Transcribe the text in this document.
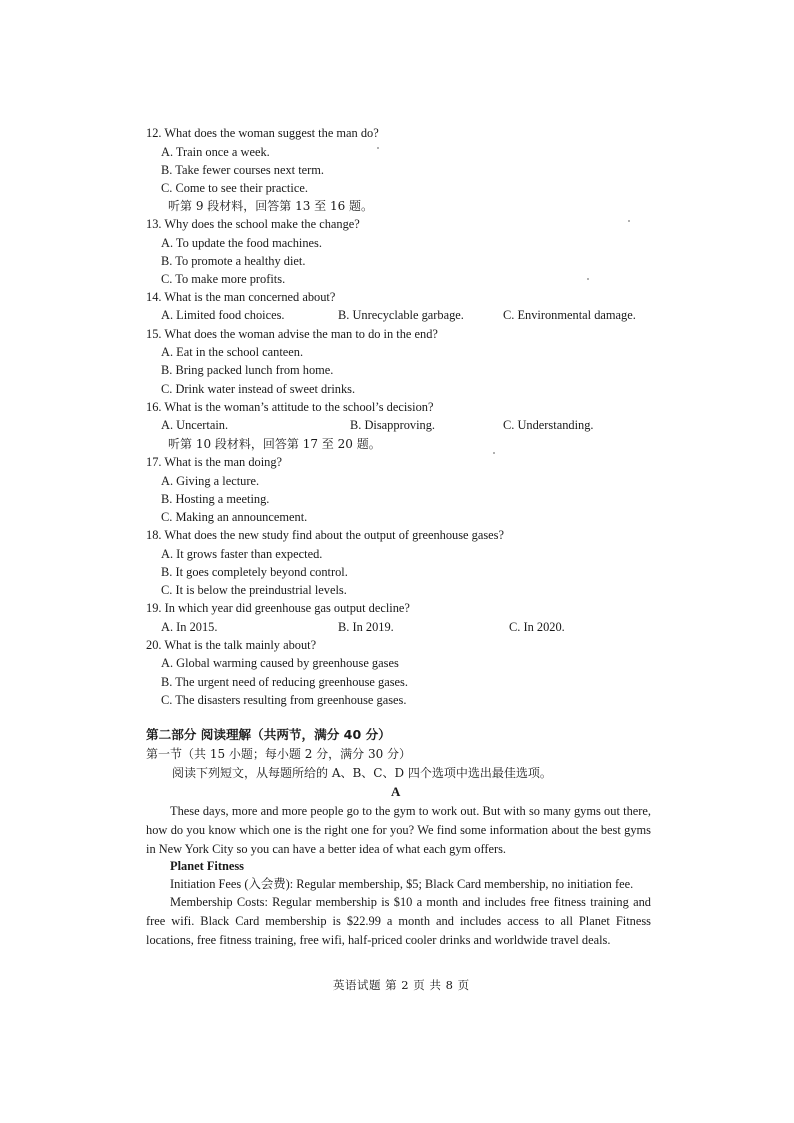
12. What does the woman suggest the man do?
A. Train once a week.
B. Take fewer courses next term.
C. Come to see their practice.
听第 9 段材料，回答第 13 至 16 题。
13. Why does the school make the change?
A. To update the food machines.
B. To promote a healthy diet.
C. To make more profits.
14. What is the man concerned about?
A. Limited food choices.	B. Unrecyclable garbage.	C. Environmental damage.
15. What does the woman advise the man to do in the end?
A. Eat in the school canteen.
B. Bring packed lunch from home.
C. Drink water instead of sweet drinks.
16. What is the woman’s attitude to the school’s decision?
A. Uncertain.	B. Disapproving.	C. Understanding.
听第 10 段材料，回答第 17 至 20 题。
17. What is the man doing?
A. Giving a lecture.
B. Hosting a meeting.
C. Making an announcement.
18. What does the new study find about the output of greenhouse gases?
A. It grows faster than expected.
B. It goes completely beyond control.
C. It is below the preindustrial levels.
19. In which year did greenhouse gas output decline?
A. In 2015.	B. In 2019.	C. In 2020.
20. What is the talk mainly about?
A. Global warming caused by greenhouse gases
B. The urgent need of reducing greenhouse gases.
C. The disasters resulting from greenhouse gases.
第二部分 阅读理解（共两节，满分 40 分）
第一节（共 15 小题；每小题 2 分，满分 30 分）
阅读下列短文，从每题所给的 A、B、C、D 四个选项中选出最佳选项。
A
These days, more and more people go to the gym to work out. But with so many gyms out there, how do you know which one is the right one for you? We find some information about the best gyms in New York City so you can have a better idea of what each gym offers.
Planet Fitness
Initiation Fees (入会费): Regular membership, $5; Black Card membership, no initiation fee.
Membership Costs: Regular membership is $10 a month and includes free fitness training and free wifi. Black Card membership is $22.99 a month and includes access to all Planet Fitness locations, free fitness training, free wifi, half-priced cooler drinks and worldwide travel deals.
英语试题 第 2 页 共 8 页
